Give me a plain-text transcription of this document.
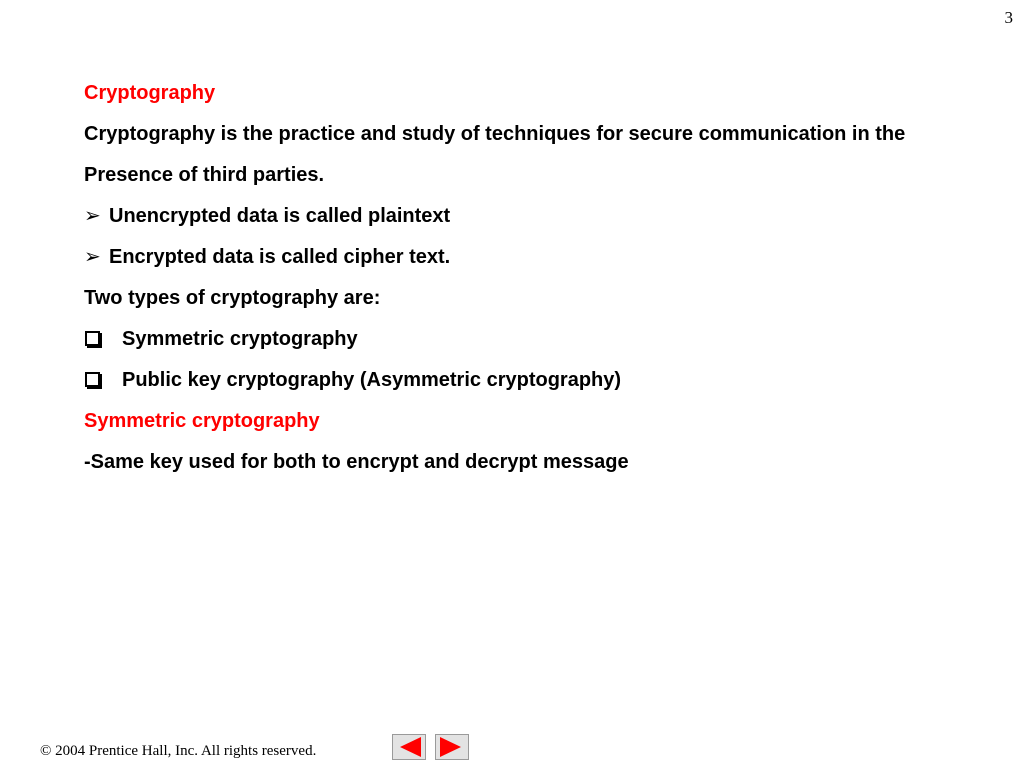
3
Cryptography
Cryptography is the practice and study of techniques for secure communication in the
Presence of third parties.
➢ Unencrypted data is called plaintext
➢ Encrypted data is called cipher text.
Two types of cryptography are:
Symmetric cryptography
Public key cryptography (Asymmetric cryptography)
Symmetric cryptography
-Same key used for both to encrypt and decrypt message
© 2004 Prentice Hall, Inc. All rights reserved.
